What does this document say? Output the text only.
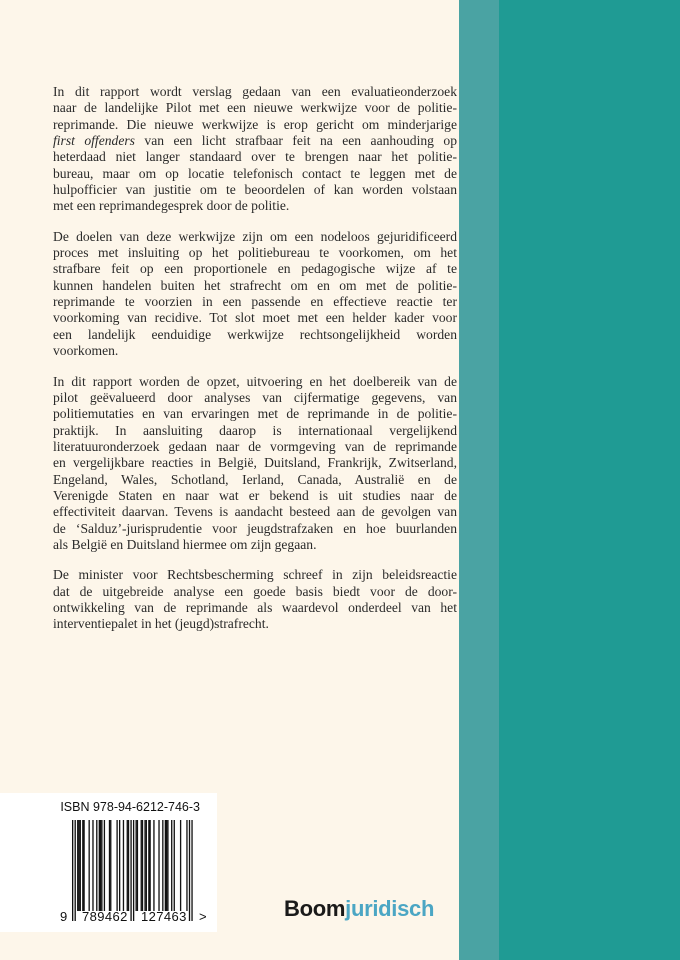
In dit rapport wordt verslag gedaan van een evaluatieonderzoek
naar de landelijke Pilot met een nieuwe werkwijze voor de politie-
reprimande. Die nieuwe werkwijze is erop gericht om minderjarige
first offenders van een licht strafbaar feit na een aanhouding op
heterdaad niet langer standaard over te brengen naar het politie-
bureau, maar om op locatie telefonisch contact te leggen met de
hulpofficier van justitie om te beoordelen of kan worden volstaan
met een reprimandegesprek door de politie.

De doelen van deze werkwijze zijn om een nodeloos gejuridificeerd
proces met insluiting op het politiebureau te voorkomen, om het
strafbare feit op een proportionele en pedagogische wijze af te
kunnen handelen buiten het strafrecht om en om met de politie-
reprimande te voorzien in een passende en effectieve reactie ter
voorkoming van recidive. Tot slot moet met een helder kader voor
een landelijk eenduidige werkwijze rechtsongelijkheid worden
voorkomen.

In dit rapport worden de opzet, uitvoering en het doelbereik van de
pilot geëvalueerd door analyses van cijfermatige gegevens, van
politiemutaties en van ervaringen met de reprimande in de politie-
praktijk. In aansluiting daarop is internationaal vergelijkend
literatuuronderzoek gedaan naar de vormgeving van de reprimande
en vergelijkbare reacties in België, Duitsland, Frankrijk, Zwitserland,
Engeland, Wales, Schotland, Ierland, Canada, Australië en de
Verenigde Staten en naar wat er bekend is uit studies naar de
effectiviteit daarvan. Tevens is aandacht besteed aan de gevolgen van
de ‘Salduz’-jurisprudentie voor jeugdstrafzaken en hoe buurlanden
als België en Duitsland hiermee om zijn gegaan.

De minister voor Rechtsbescherming schreef in zijn beleidsreactie
dat de uitgebreide analyse een goede basis biedt voor de door-
ontwikkeling van de reprimande als waardevol onderdeel van het
interventiepalet in het (jeugd)strafrecht.

ISBN 978-94-6212-746-3
9 789462 127463 >	Boomjuridisch
